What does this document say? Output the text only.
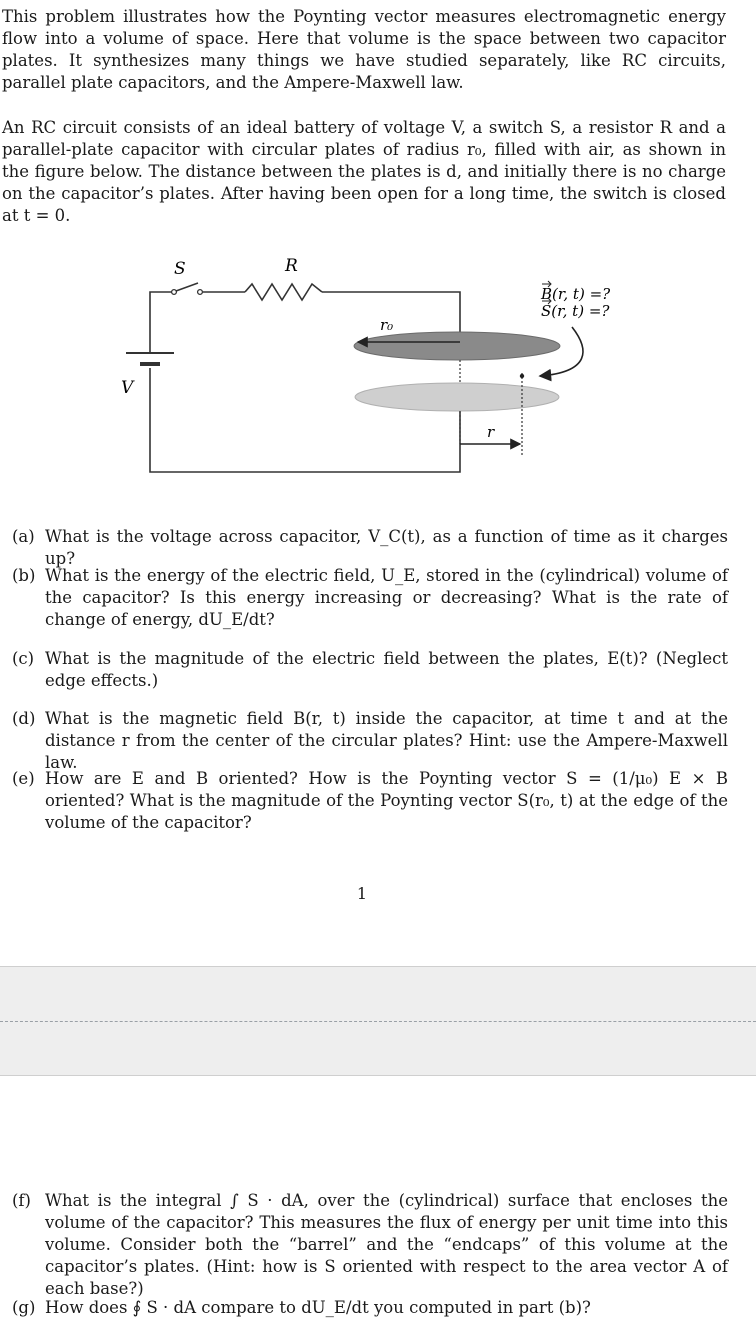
This problem illustrates how the Poynting vector measures electromagnetic energy flow into a volume of space. Here that volume is the space between two capacitor plates. It synthesizes many things we have studied separately, like RC circuits, parallel plate capacitors, and the Ampere-Maxwell law.

An RC circuit consists of an ideal battery of voltage V, a switch S, a resistor R and a parallel-plate capacitor with circular plates of radius r₀, filled with air, as shown in the figure below. The distance between the plates is d, and initially there is no charge on the capacitor’s plates. After having been open for a long time, the switch is closed at t = 0.

S	R
V
r₀
r
B(r, t) =?
S(r, t) =?
(a) What is the voltage across capacitor, V_C(t), as a function of time as it charges up?
(b) What is the energy of the electric field, U_E, stored in the (cylindrical) volume of the capacitor? Is this energy increasing or decreasing? What is the rate of change of energy, dU_E/dt?
(c) What is the magnitude of the electric field between the plates, E(t)? (Neglect edge effects.)
(d) What is the magnetic field B(r, t) inside the capacitor, at time t and at the distance r from the center of the circular plates? Hint: use the Ampere-Maxwell law.
(e) How are E and B oriented? How is the Poynting vector S = (1/μ₀) E × B oriented? What is the magnitude of the Poynting vector S(r₀, t) at the edge of the volume of the capacitor?
1
(f) What is the integral ∫ S · dA, over the (cylindrical) surface that encloses the volume of the capacitor? This measures the flux of energy per unit time into this volume. Consider both the “barrel” and the “endcaps” of this volume at the capacitor’s plates. (Hint: how is S oriented with respect to the area vector A of each base?)
(g) How does ∮ S · dA compare to dU_E/dt you computed in part (b)?
